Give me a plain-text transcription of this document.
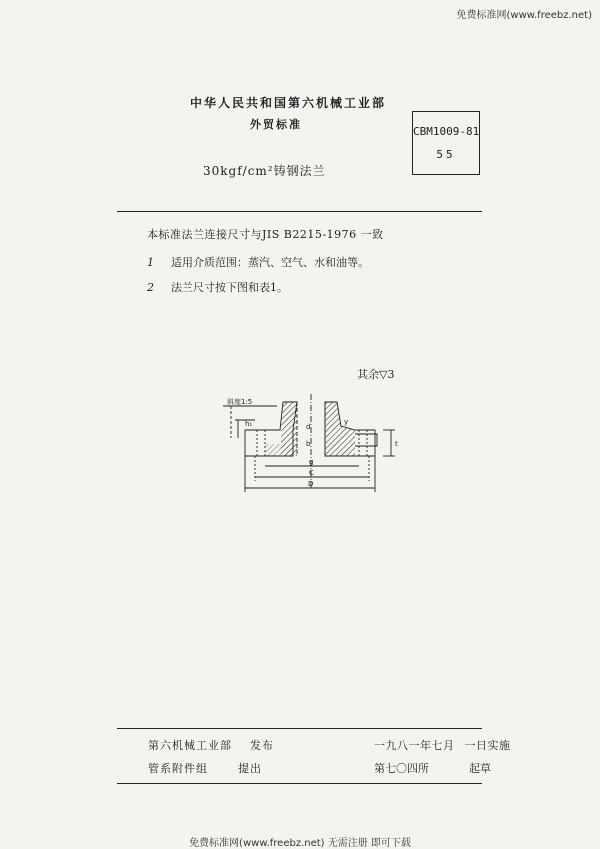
免费标准网(www.freebz.net)
中华人民共和国第六机械工业部
外贸标准
CBM1009-81
55
30kgf/cm²铸钢法兰
本标准法兰连接尺寸与JIS B2215-1976 一致
1 适用介质范围：蒸汽、空气、水和油等。
2 法兰尺寸按下图和表1。
其余▽3
斜度1:5
h₁	d
b
y
t
g
C
D
第六机械工业部 发布	一九八一年七月 一日实施
管系附件组	提出	第七〇四所	起草
免费标准网(www.freebz.net) 无需注册 即可下载
